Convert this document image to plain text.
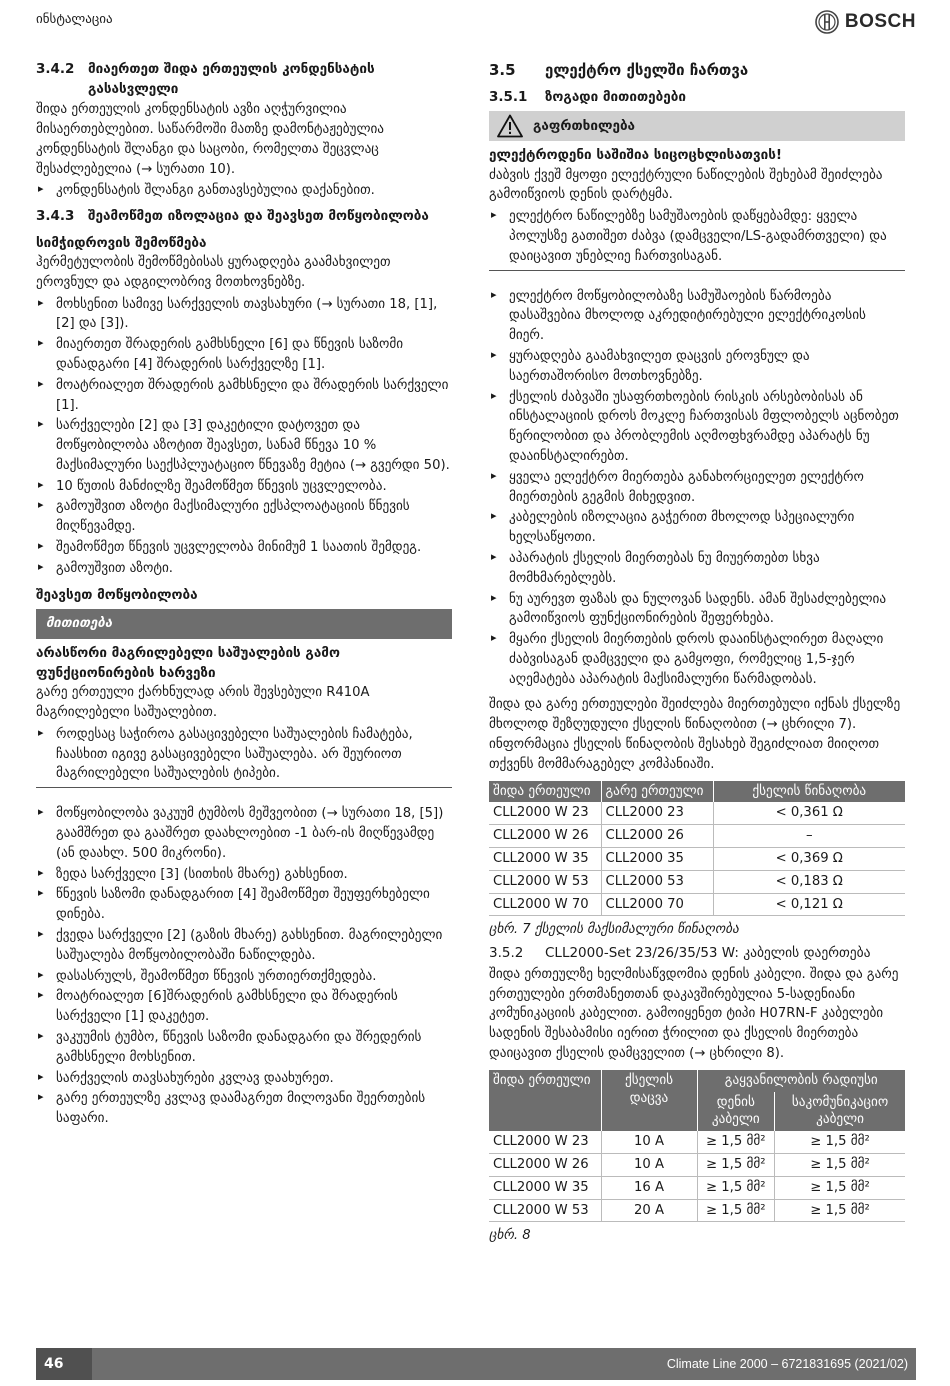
ინსტალაცია	BOSCH
3.4.2	მიაერთეთ შიდა ერთეულის კონდენსატის გასასვლელი

შიდა ერთეულის კონდენსატის ავზი აღჭურვილია მისაერთებლებით. საწარმოში მათზე დამონტაჟებულია კონდენსატის შლანგი და საცობი, რომელთა შეცვლაც შესაძლებელია (→ სურათი 10).

▸ კონდენსატის შლანგი განთავსებულია დაქანებით.
3.4.3	შეამოწმეთ იზოლაცია და შეავსეთ მოწყობილობა
სიმჭიდროვის შემოწმება

ჰერმეტულობის შემოწმებისას ყურადღება გაამახვილეთ ეროვნულ და ადგილობრივ მოთხოვნებზე.

▸ მოხსენით სამივე სარქველის თავსახური (→ სურათი 18, [1], [2] და [3]).
▸ მიაერთეთ შრადერის გამხსნელი [6] და წნევის საზომი დანადგარი [4] შრადერის სარქველზე [1].
▸ მოატრიალეთ შრადერის გამხსნელი და შრადერის სარქველი [1].
▸ სარქველები [2] და [3] დაკეტილი დატოვეთ და მოწყობილობა აზოტით შეავსეთ, სანამ წნევა 10 % მაქსიმალური საექსპლუატაციო წნევაზე მეტია (→ გვერდი 50).
▸ 10 წუთის მანძილზე შეამოწმეთ წნევის უცვლელობა.
▸ გამოუშვით აზოტი მაქსიმალური ექსპლოატაციის წნევის მიღწევამდე.
▸ შეამოწმეთ წნევის უცვლელობა მინიმუმ 1 საათის შემდეგ.
▸ გამოუშვით აზოტი.
შეავსეთ მოწყობილობა
მითითება
არასწორი მაგრილებელი საშუალების გამო ფუნქციონირების ხარვეზი

გარე ერთეული ქარხნულად არის შევსებული R410A მაგრილებელი საშუალებით.

▸ როდესაც საჭიროა გასაცივებელი საშუალების ჩამატება, ჩაასხით იგივე გასაცივებელი საშუალება. არ შეურიოთ მაგრილებელი საშუალების ტიპები.
▸ მოწყობილობა ვაკუუმ ტუმბოს მეშვეობით (→ სურათი 18, [5]) გაამშრეთ და გააშრეთ დაახლოებით -1 ბარ-ის მიღწევამდე (ან დაახლ. 500 მიკრონი).
▸ ზედა სარქველი [3] (სითხის მხარე) გახსენით.
▸ წნევის საზომი დანადგარით [4] შეამოწმეთ შეუფერხებელი დინება.
▸ ქვედა სარქველი [2] (გაზის მხარე) გახსენით. მაგრილებელი საშუალება მოწყობილობაში ნაწილდება.
▸ დასასრულს, შეამოწმეთ წნევის ურთიერთქმედება.
▸ მოატრიალეთ [6]შრადერის გამხსნელი და შრადერის სარქველი [1] დაკეტეთ.
▸ ვაკუუმის ტუმბო, წნევის საზომი დანადგარი და შრედერის გამხსნელი მოხსენით.
▸ სარქველის თავსახურები კვლავ დაახურეთ.
▸ გარე ერთეულზე კვლავ დაამაგრეთ მილოვანი შეერთების საფარი.
3.5	ელექტრო ქსელში ჩართვა
3.5.1	ზოგადი მითითებები
გაფრთხილება
ელექტროდენი საშიშია სიცოცხლისათვის!

ძაბვის ქვეშ მყოფი ელექტრული ნაწილების შეხებამ შეიძლება გამოიწვიოს დენის დარტყმა.

▸ ელექტრო ნაწილებზე სამუშაოების დაწყებამდე: ყველა პოლუსზე გათიშეთ ძაბვა (დამცველი/LS-გადამრთველი) და დაიცავით უნებლიე ჩართვისაგან.
▸ ელექტრო მოწყობილობაზე სამუშაოების წარმოება დასაშვებია მხოლოდ აკრედიტირებული ელექტრიკოსის მიერ.
▸ ყურადღება გაამახვილეთ დაცვის ეროვნულ და საერთაშორისო მოთხოვნებზე.
▸ ქსელის ძაბვაში უსაფრთხოების რისკის არსებობისას ან ინსტალაციის დროს მოკლე ჩართვისას მფლობელს აცნობეთ წერილობით და პრობლემის აღმოფხვრამდე აპარატს ნუ დააინსტალირებთ.
▸ ყველა ელექტრო მიერთება განახორციელეთ ელექტრო მიერთების გეგმის მიხედვით.
▸ კაბელების იზოლაცია გაჭერით მხოლოდ სპეციალური ხელსაწყოთი.
▸ აპარატის ქსელის მიერთებას ნუ მიუერთებთ სხვა მომხმარებლებს.
▸ ნუ აურევთ ფაზას და ნულოვან სადენს. ამან შესაძლებელია გამოიწვიოს ფუნქციონირების შეფერხება.
▸ მყარი ქსელის მიერთების დროს დააინსტალირეთ მაღალი ძაბვისაგან დამცველი და გამყოფი, რომელიც 1,5-ჯერ აღემატება აპარატის მაქსიმალური წარმადობას.

შიდა და გარე ერთეულები შეიძლება მიერთებული იქნას ქსელზე მხოლოდ შეზღუდული ქსელის წინაღობით (→ ცხრილი 7). ინფორმაცია ქსელის წინაღობის შესახებ შეგიძლიათ მიიღოთ თქვენს მომმარაგებელ კომპანიაში.

შიდა ერთეული	გარე ერთეული	ქსელის წინაღობა
CLL2000 W 23	CLL2000 23	< 0,361 Ω
CLL2000 W 26	CLL2000 26	–
CLL2000 W 35	CLL2000 35	< 0,369 Ω
CLL2000 W 53	CLL2000 53	< 0,183 Ω
CLL2000 W 70	CLL2000 70	< 0,121 Ω
ცხრ. 7 ქსელის მაქსიმალური წინაღობა
3.5.2	CLL2000-Set 23/26/35/53 W: კაბელის დაერთება

შიდა ერთეულზე ხელმისაწვდომია დენის კაბელი. შიდა და გარე ერთეულები ერთმანეთთან დაკავშირებულია 5-სადენიანი კომუნიკაციის კაბელით. გამოიყენეთ ტიპი H07RN-F კაბელები სადენის შესაბამისი იერით ჭრილით და ქსელის მიერთება დაიცავით ქსელის დამცველით (→ ცხრილი 8).

შიდა ერთეული	ქსელის დაცვა	გაყვანილობის რადიუსი	
		დენის კაბელი	საკომუნიკაციო კაბელი
CLL2000 W 23	10 A	≥ 1,5 მმ²	≥ 1,5 მმ²
CLL2000 W 26	10 A	≥ 1,5 მმ²	≥ 1,5 მმ²
CLL2000 W 35	16 A	≥ 1,5 მმ²	≥ 1,5 მმ²
CLL2000 W 53	20 A	≥ 1,5 მმ²	≥ 1,5 მმ²
ცხრ. 8
46	Climate Line 2000 – 6721831695 (2021/02)
